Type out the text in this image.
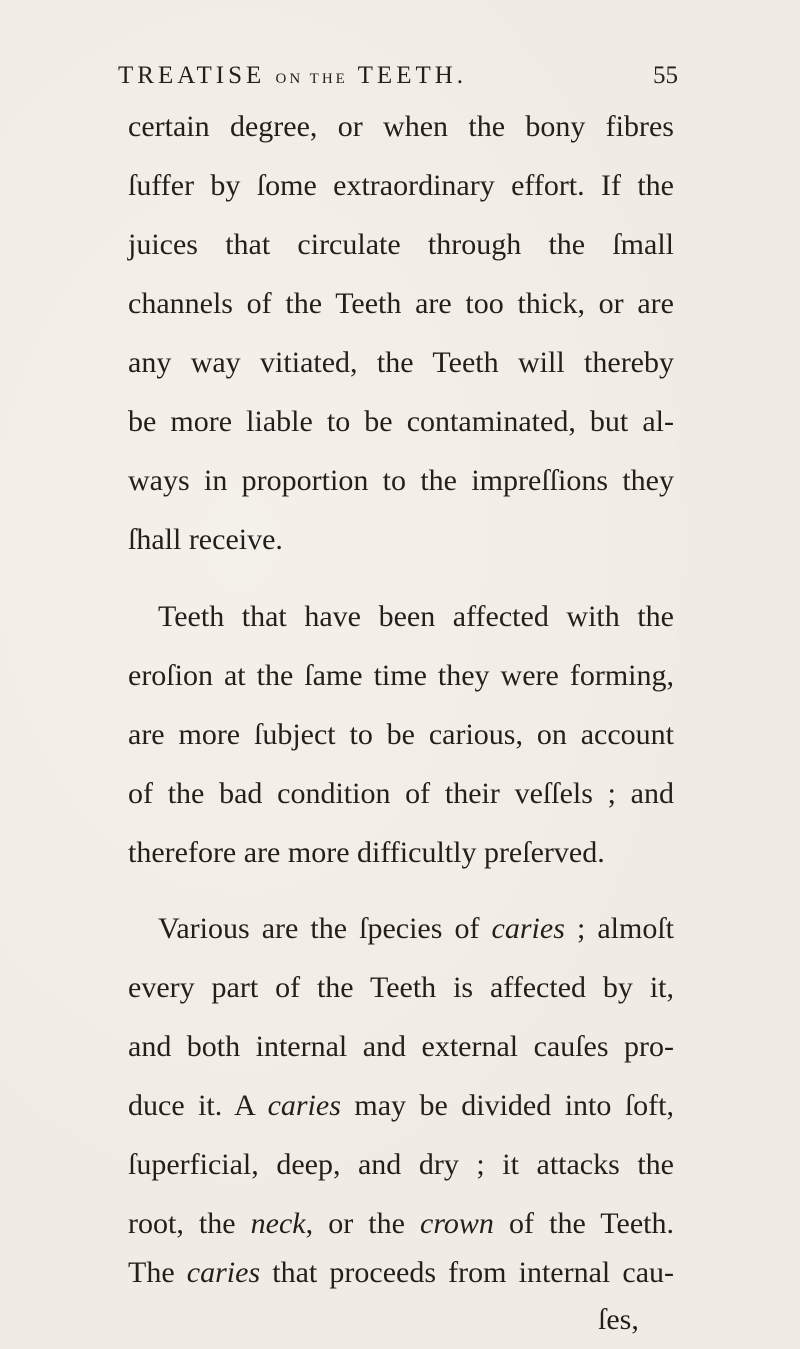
TREATISE ON THE TEETH.	55
certain degree, or when the bony fibres
ſuffer by ſome extraordinary effort. If the
juices that circulate through the ſmall
channels of the Teeth are too thick, or are
any way vitiated, the Teeth will thereby
be more liable to be contaminated, but al-
ways in proportion to the impreſſions they
ſhall receive.
Teeth that have been affected with the
eroſion at the ſame time they were forming,
are more ſubject to be carious, on account
of the bad condition of their veſſels ; and
therefore are more difficultly preſerved.
Various are the ſpecies of caries ; almoſt
every part of the Teeth is affected by it,
and both internal and external cauſes pro-
duce it. A caries may be divided into ſoft,
ſuperficial, deep, and dry ; it attacks the
root, the neck, or the crown of the Teeth.
The caries that proceeds from internal cau-
ſes,
